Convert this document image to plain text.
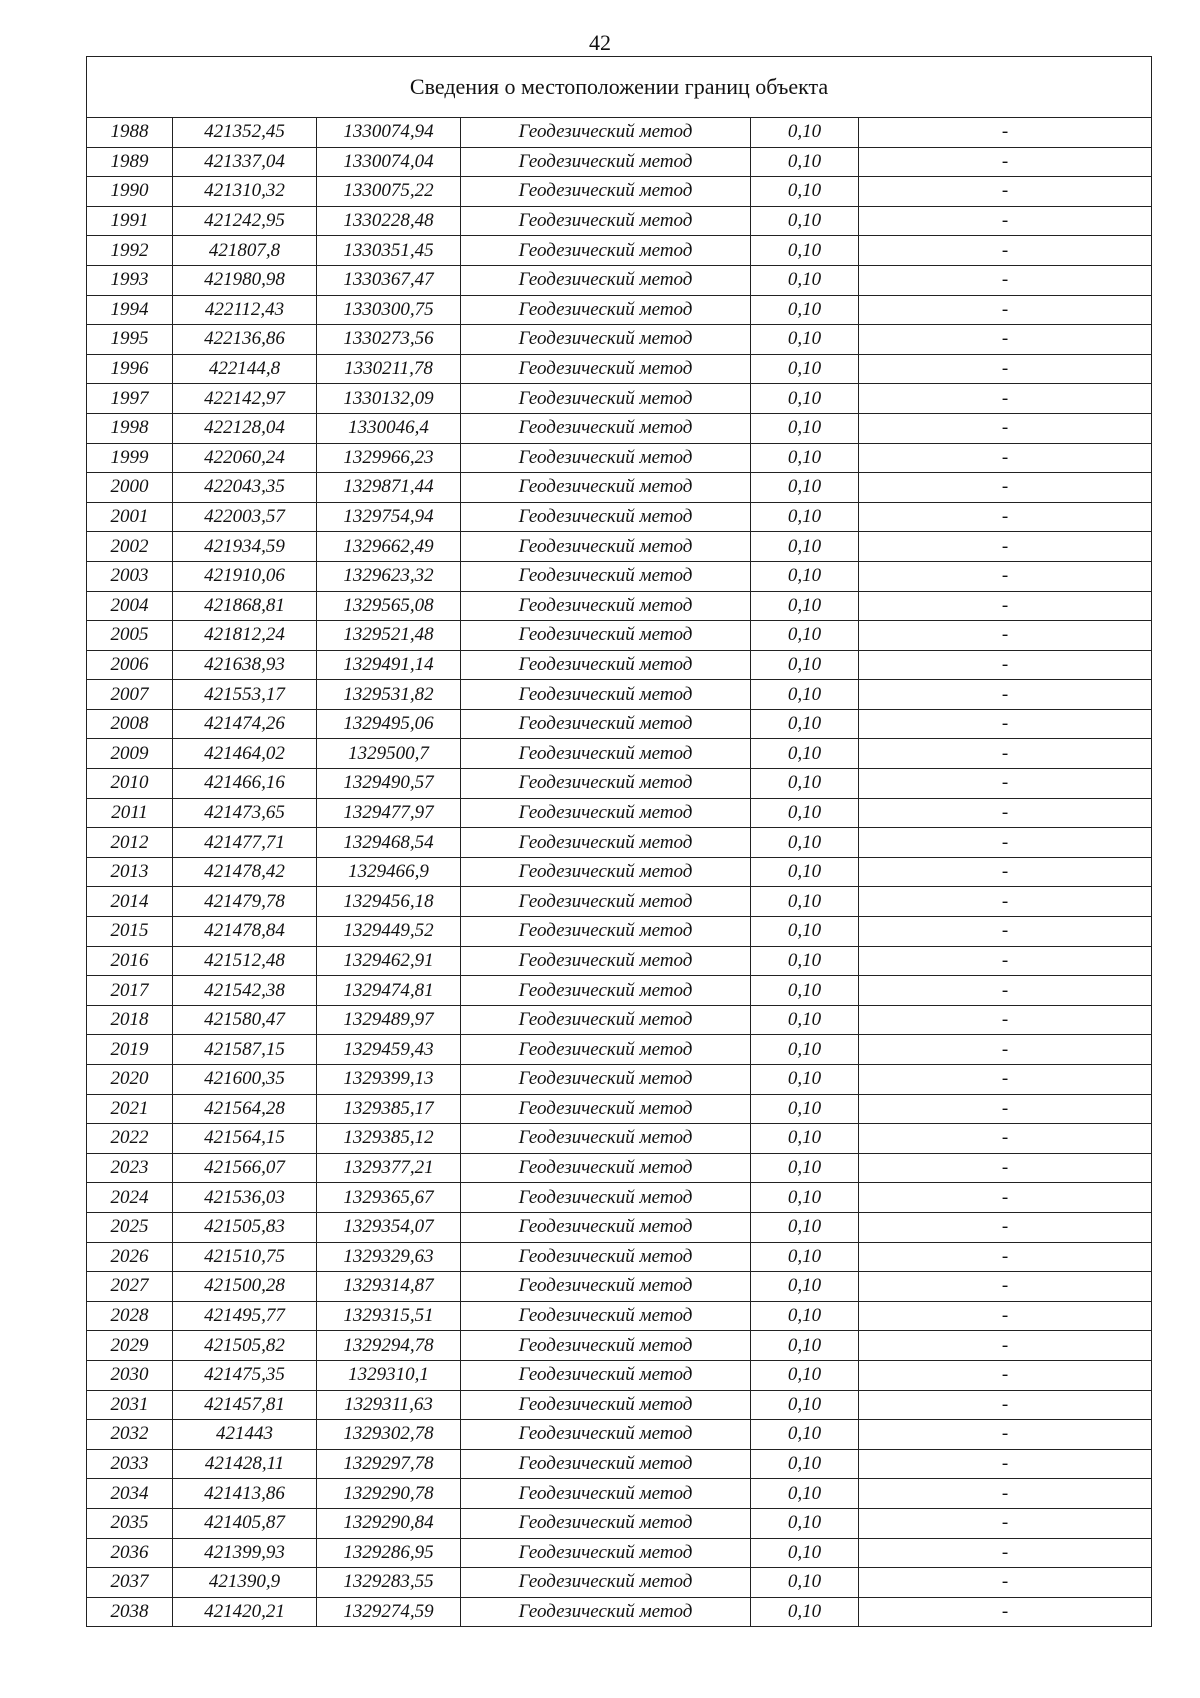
42
Сведения о местоположении границ объекта					
1988	421352,45	1330074,94	Геодезический метод	0,10	-
1989	421337,04	1330074,04	Геодезический метод	0,10	-
1990	421310,32	1330075,22	Геодезический метод	0,10	-
1991	421242,95	1330228,48	Геодезический метод	0,10	-
1992	421807,8	1330351,45	Геодезический метод	0,10	-
1993	421980,98	1330367,47	Геодезический метод	0,10	-
1994	422112,43	1330300,75	Геодезический метод	0,10	-
1995	422136,86	1330273,56	Геодезический метод	0,10	-
1996	422144,8	1330211,78	Геодезический метод	0,10	-
1997	422142,97	1330132,09	Геодезический метод	0,10	-
1998	422128,04	1330046,4	Геодезический метод	0,10	-
1999	422060,24	1329966,23	Геодезический метод	0,10	-
2000	422043,35	1329871,44	Геодезический метод	0,10	-
2001	422003,57	1329754,94	Геодезический метод	0,10	-
2002	421934,59	1329662,49	Геодезический метод	0,10	-
2003	421910,06	1329623,32	Геодезический метод	0,10	-
2004	421868,81	1329565,08	Геодезический метод	0,10	-
2005	421812,24	1329521,48	Геодезический метод	0,10	-
2006	421638,93	1329491,14	Геодезический метод	0,10	-
2007	421553,17	1329531,82	Геодезический метод	0,10	-
2008	421474,26	1329495,06	Геодезический метод	0,10	-
2009	421464,02	1329500,7	Геодезический метод	0,10	-
2010	421466,16	1329490,57	Геодезический метод	0,10	-
2011	421473,65	1329477,97	Геодезический метод	0,10	-
2012	421477,71	1329468,54	Геодезический метод	0,10	-
2013	421478,42	1329466,9	Геодезический метод	0,10	-
2014	421479,78	1329456,18	Геодезический метод	0,10	-
2015	421478,84	1329449,52	Геодезический метод	0,10	-
2016	421512,48	1329462,91	Геодезический метод	0,10	-
2017	421542,38	1329474,81	Геодезический метод	0,10	-
2018	421580,47	1329489,97	Геодезический метод	0,10	-
2019	421587,15	1329459,43	Геодезический метод	0,10	-
2020	421600,35	1329399,13	Геодезический метод	0,10	-
2021	421564,28	1329385,17	Геодезический метод	0,10	-
2022	421564,15	1329385,12	Геодезический метод	0,10	-
2023	421566,07	1329377,21	Геодезический метод	0,10	-
2024	421536,03	1329365,67	Геодезический метод	0,10	-
2025	421505,83	1329354,07	Геодезический метод	0,10	-
2026	421510,75	1329329,63	Геодезический метод	0,10	-
2027	421500,28	1329314,87	Геодезический метод	0,10	-
2028	421495,77	1329315,51	Геодезический метод	0,10	-
2029	421505,82	1329294,78	Геодезический метод	0,10	-
2030	421475,35	1329310,1	Геодезический метод	0,10	-
2031	421457,81	1329311,63	Геодезический метод	0,10	-
2032	421443	1329302,78	Геодезический метод	0,10	-
2033	421428,11	1329297,78	Геодезический метод	0,10	-
2034	421413,86	1329290,78	Геодезический метод	0,10	-
2035	421405,87	1329290,84	Геодезический метод	0,10	-
2036	421399,93	1329286,95	Геодезический метод	0,10	-
2037	421390,9	1329283,55	Геодезический метод	0,10	-
2038	421420,21	1329274,59	Геодезический метод	0,10	-
